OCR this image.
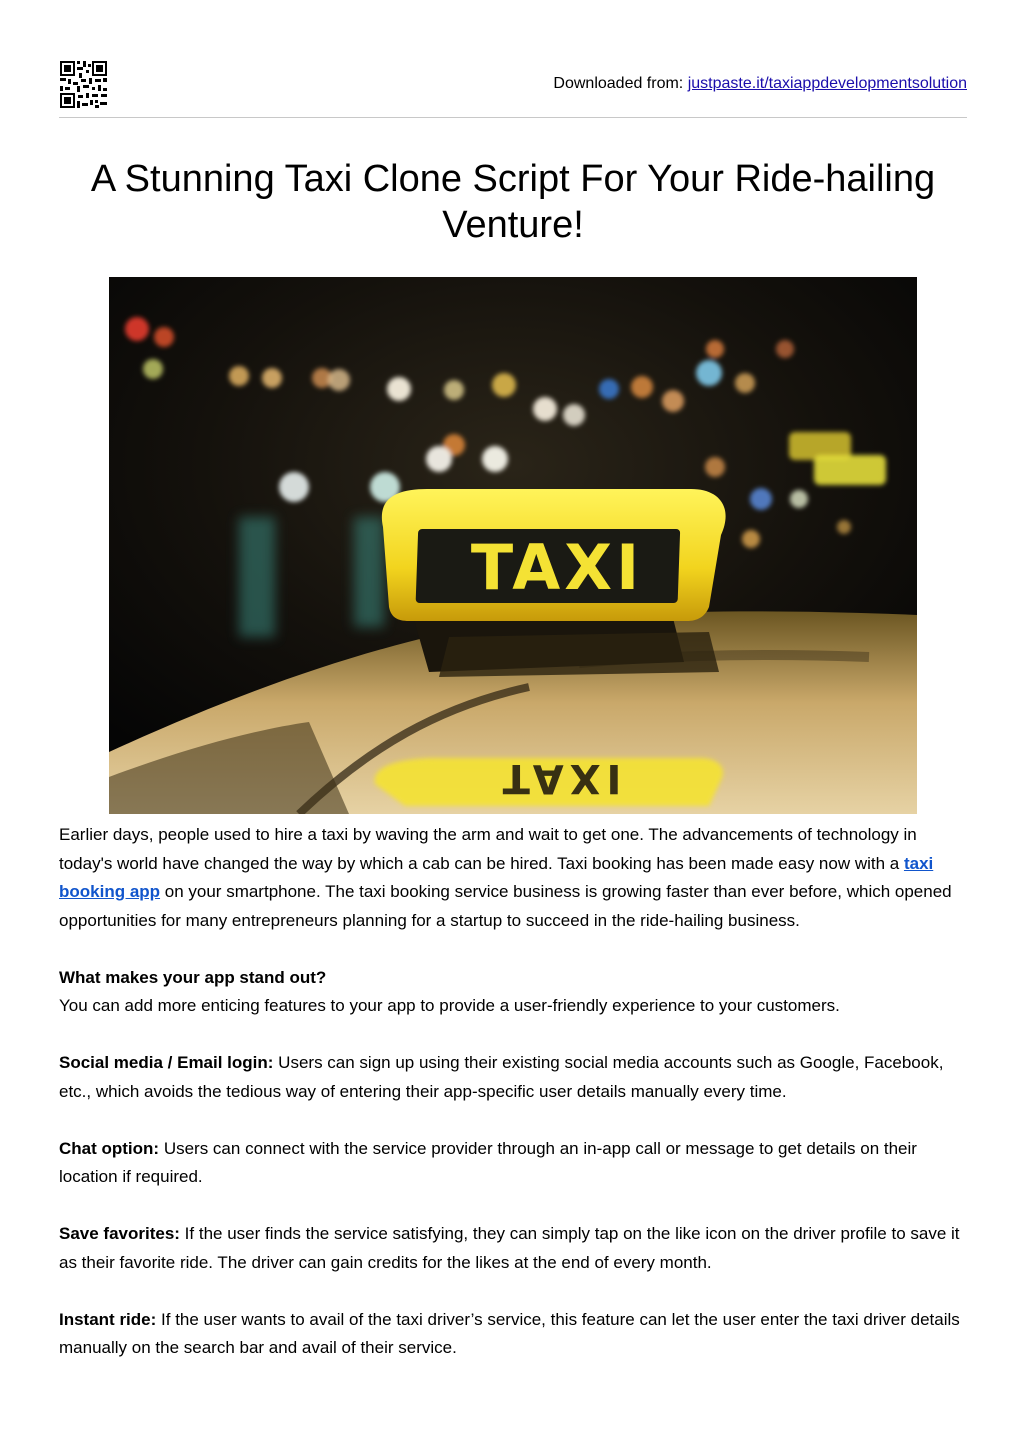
Downloaded from: justpaste.it/taxiappdevelopmentsolution
A Stunning Taxi Clone Script For Your Ride-hailing Venture!
TAXI
TAXI

Earlier days, people used to hire a taxi by waving the arm and wait to get one. The advancements of technology in today's world have changed the way by which a cab can be hired. Taxi booking has been made easy now with a taxi booking app on your smartphone. The taxi booking service business is growing faster than ever before, which opened opportunities for many entrepreneurs planning for a startup to succeed in the ride-hailing business.

What makes your app stand out?
You can add more enticing features to your app to provide a user-friendly experience to your customers.

Social media / Email login: Users can sign up using their existing social media accounts such as Google, Facebook, etc., which avoids the tedious way of entering their app-specific user details manually every time.

Chat option: Users can connect with the service provider through an in-app call or message to get details on their location if required.

Save favorites: If the user finds the service satisfying, they can simply tap on the like icon on the driver profile to save it as their favorite ride. The driver can gain credits for the likes at the end of every month.

Instant ride: If the user wants to avail of the taxi driver’s service, this feature can let the user enter the taxi driver details manually on the search bar and avail of their service.
